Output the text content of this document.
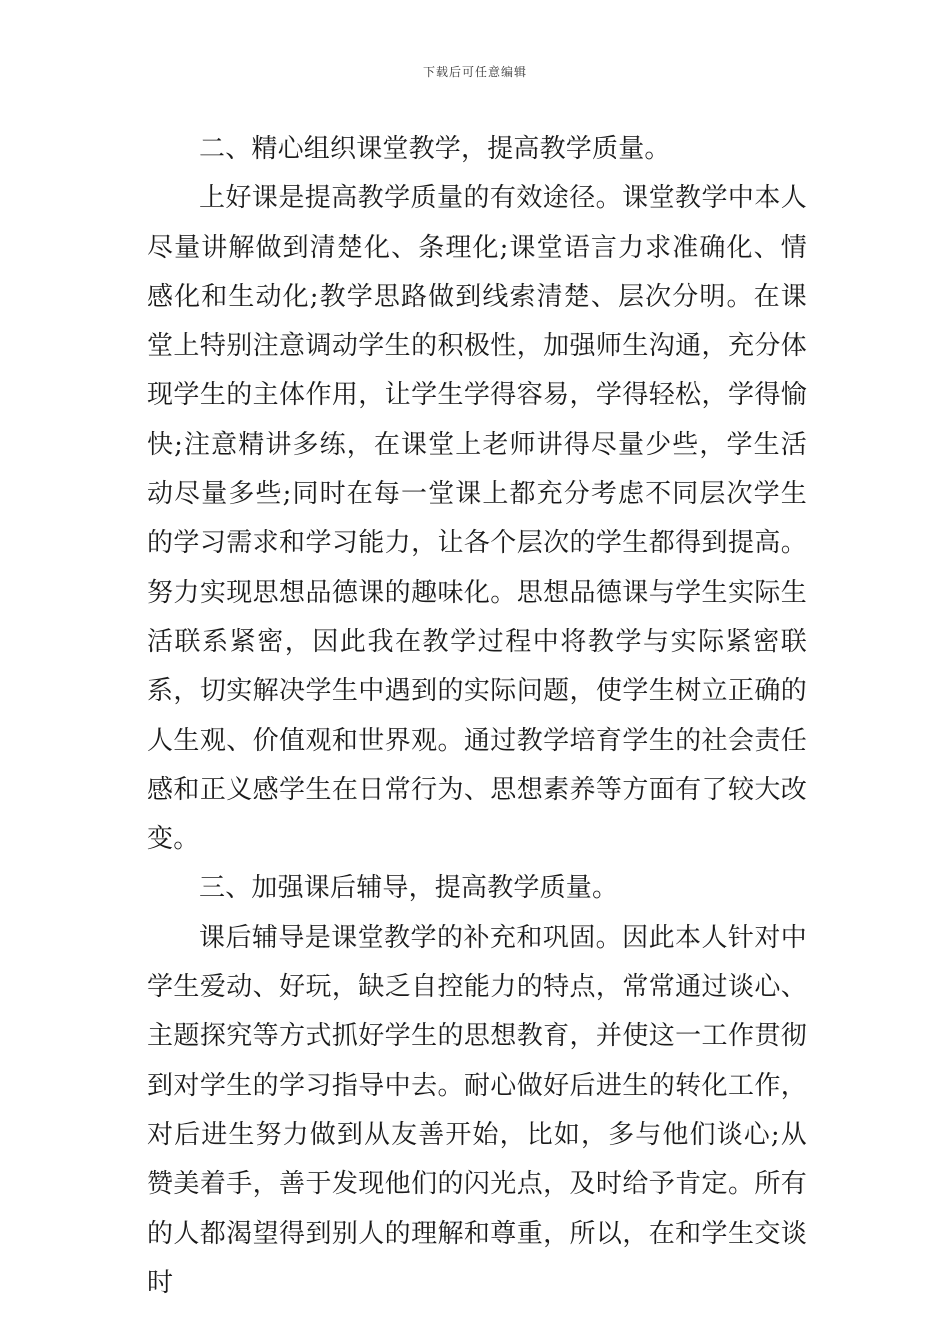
下载后可任意编辑

二、精心组织课堂教学，提高教学质量。

上好课是提高教学质量的有效途径。课堂教学中本人尽量讲解做到清楚化、条理化;课堂语言力求准确化、情感化和生动化;教学思路做到线索清楚、层次分明。在课堂上特别注意调动学生的积极性，加强师生沟通，充分体现学生的主体作用，让学生学得容易，学得轻松，学得愉快;注意精讲多练，在课堂上老师讲得尽量少些，学生活动尽量多些;同时在每一堂课上都充分考虑不同层次学生的学习需求和学习能力，让各个层次的学生都得到提高。努力实现思想品德课的趣味化。思想品德课与学生实际生活联系紧密，因此我在教学过程中将教学与实际紧密联系，切实解决学生中遇到的实际问题，使学生树立正确的人生观、价值观和世界观。通过教学培育学生的社会责任感和正义感学生在日常行为、思想素养等方面有了较大改变。

三、加强课后辅导，提高教学质量。

课后辅导是课堂教学的补充和巩固。因此本人针对中学生爱动、好玩，缺乏自控能力的特点，常常通过谈心、主题探究等方式抓好学生的思想教育，并使这一工作贯彻到对学生的学习指导中去。耐心做好后进生的转化工作，对后进生努力做到从友善开始，比如，多与他们谈心;从赞美着手，善于发现他们的闪光点，及时给予肯定。所有的人都渴望得到别人的理解和尊重，所以，在和学生交谈时
